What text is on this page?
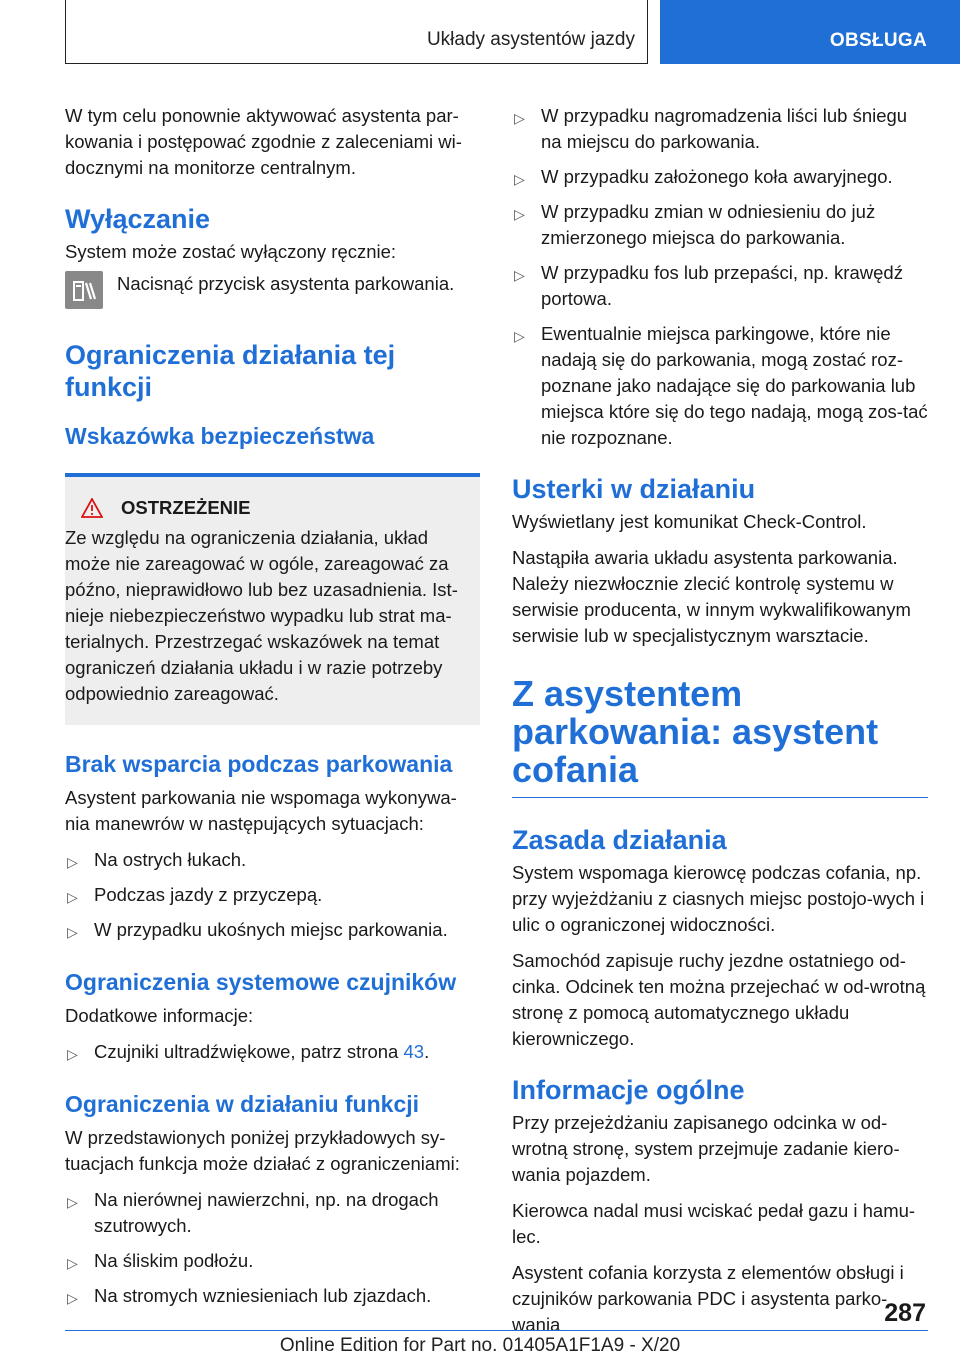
Układy asystentów jazdy	OBSŁUGA

W tym celu ponownie aktywować asystenta par-kowania i postępować zgodnie z zaleceniami wi-docznymi na monitorze centralnym.

Wyłączanie

System może zostać wyłączony ręcznie:

Nacisnąć przycisk asystenta parkowania.
Ograniczenia działania tej funkcji
Wskazówka bezpieczeństwa
OSTRZEŻENIE
Ze względu na ograniczenia działania, układ może nie zareagować w ogóle, zareagować za późno, nieprawidłowo lub bez uzasadnienia. Ist-nieje niebezpieczeństwo wypadku lub strat ma-terialnych. Przestrzegać wskazówek na temat ograniczeń działania układu i w razie potrzeby odpowiednio zareagować.
Brak wsparcia podczas parkowania

Asystent parkowania nie wspomaga wykonywa-nia manewrów w następujących sytuacjach:

▷ Na ostrych łukach.
▷ Podczas jazdy z przyczepą.
▷ W przypadku ukośnych miejsc parkowania.
Ograniczenia systemowe czujników

Dodatkowe informacje:

▷ Czujniki ultradźwiękowe, patrz strona 43.
Ograniczenia w działaniu funkcji

W przedstawionych poniżej przykładowych sy-tuacjach funkcja może działać z ograniczeniami:

▷ Na nierównej nawierzchni, np. na drogach szutrowych.
▷ Na śliskim podłożu.
▷ Na stromych wzniesieniach lub zjazdach.
▷ W przypadku nagromadzenia liści lub śniegu na miejscu do parkowania.
▷ W przypadku założonego koła awaryjnego.
▷ W przypadku zmian w odniesieniu do już zmierzonego miejsca do parkowania.
▷ W przypadku fos lub przepaści, np. krawędź portowa.
▷ Ewentualnie miejsca parkingowe, które nie nadają się do parkowania, mogą zostać roz-poznane jako nadające się do parkowania lub miejsca które się do tego nadają, mogą zos-tać nie rozpoznane.
Usterki w działaniu

Wyświetlany jest komunikat Check-Control.

Nastąpiła awaria układu asystenta parkowania. Należy niezwłocznie zlecić kontrolę systemu w serwisie producenta, w innym wykwalifikowanym serwisie lub w specjalistycznym warsztacie.

Z asystentem parkowania: asystent cofania
Zasada działania

System wspomaga kierowcę podczas cofania, np. przy wyjeżdżaniu z ciasnych miejsc postojo-wych i ulic o ograniczonej widoczności.

Samochód zapisuje ruchy jezdne ostatniego od-cinka. Odcinek ten można przejechać w od-wrotną stronę z pomocą automatycznego układu kierowniczego.

Informacje ogólne

Przy przejeżdżaniu zapisanego odcinka w od-wrotną stronę, system przejmuje zadanie kiero-wania pojazdem.

Kierowca nadal musi wciskać pedał gazu i hamu-lec.

Asystent cofania korzysta z elementów obsługi i czujników parkowania PDC i asystenta parko-wania	287
Online Edition for Part no. 01405A1F1A9 - X/20
